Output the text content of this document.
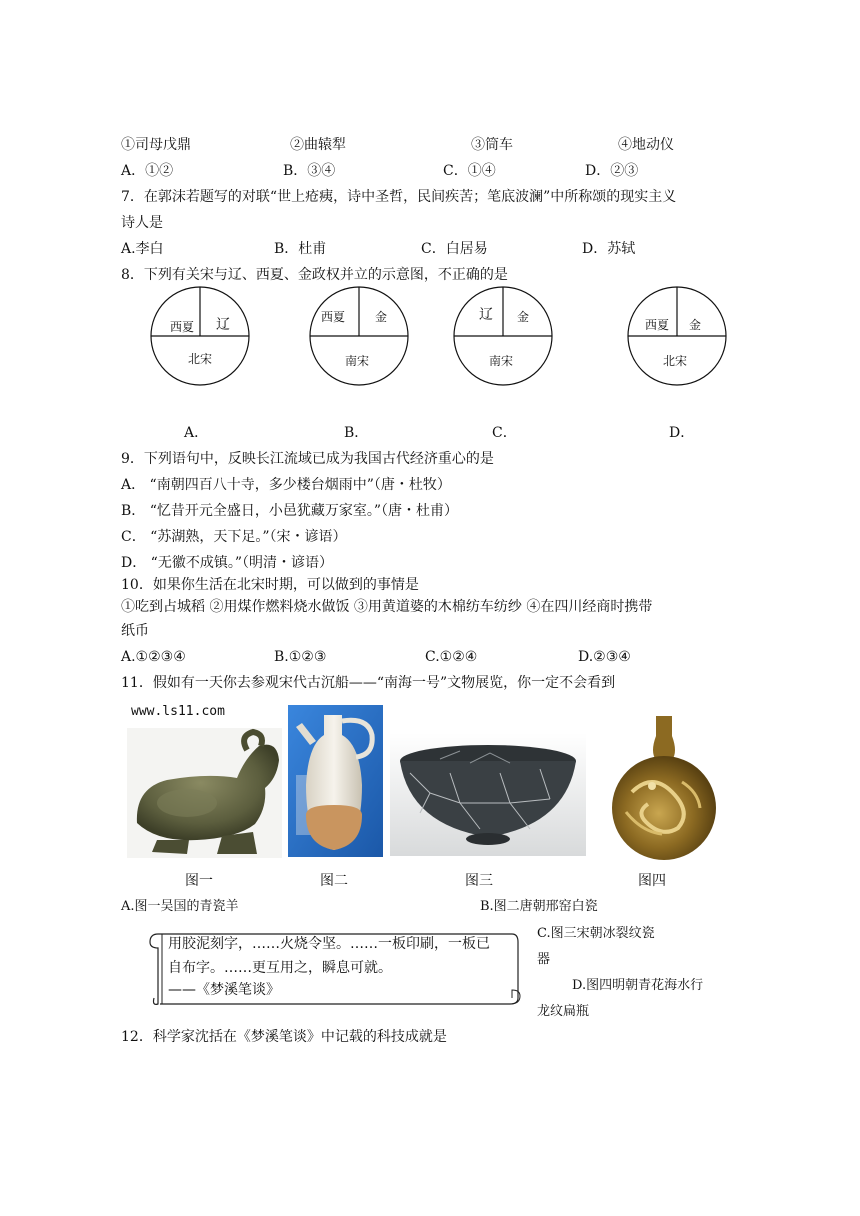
①司母戊鼎	②曲辕犁	③筒车	④地动仪
A．①②	B．③④	C．①④	D．②③
7．在郭沫若题写的对联“世上疮痍，诗中圣哲，民间疾苦；笔底波澜”中所称颂的现实主义
诗人是
A.李白	B．杜甫	C．白居易	D．苏轼
8．下列有关宋与辽、西夏、金政权并立的示意图，不正确的是
西夏 辽
北宋
A．
西夏 金
南宋
B．
辽 金
南宋
C．
西夏 金
北宋
D．
9．下列语句中，反映长江流域已成为我国古代经济重心的是
A． “南朝四百八十寺，多少楼台烟雨中”（唐・杜牧）
B． “忆昔开元全盛日，小邑犹藏万家室。”（唐・杜甫）
C． “苏湖熟，天下足。”（宋・谚语）
D． “无徽不成镇。”（明清・谚语）
10．如果你生活在北宋时期，可以做到的事情是
①吃到占城稻 ②用煤作燃料烧水做饭 ③用黄道婆的木棉纺车纺纱 ④在四川经商时携带
纸币
A.①②③④	B.①②③	C.①②④	D.②③④
11．假如有一天你去参观宋代古沉船——“南海一号”文物展览，你一定不会看到
www.ls11.com
图一	图二	图三	图四
A.图一吴国的青瓷羊	B.图二唐朝邢窑白瓷
C.图三宋朝冰裂纹瓷
器
D.图四明朝青花海水行
龙纹扁瓶
用胶泥刻字，……火烧令坚。……一板印刷，一板已
自布字。……更互用之，瞬息可就。
——《梦溪笔谈》
12．科学家沈括在《梦溪笔谈》中记载的科技成就是
